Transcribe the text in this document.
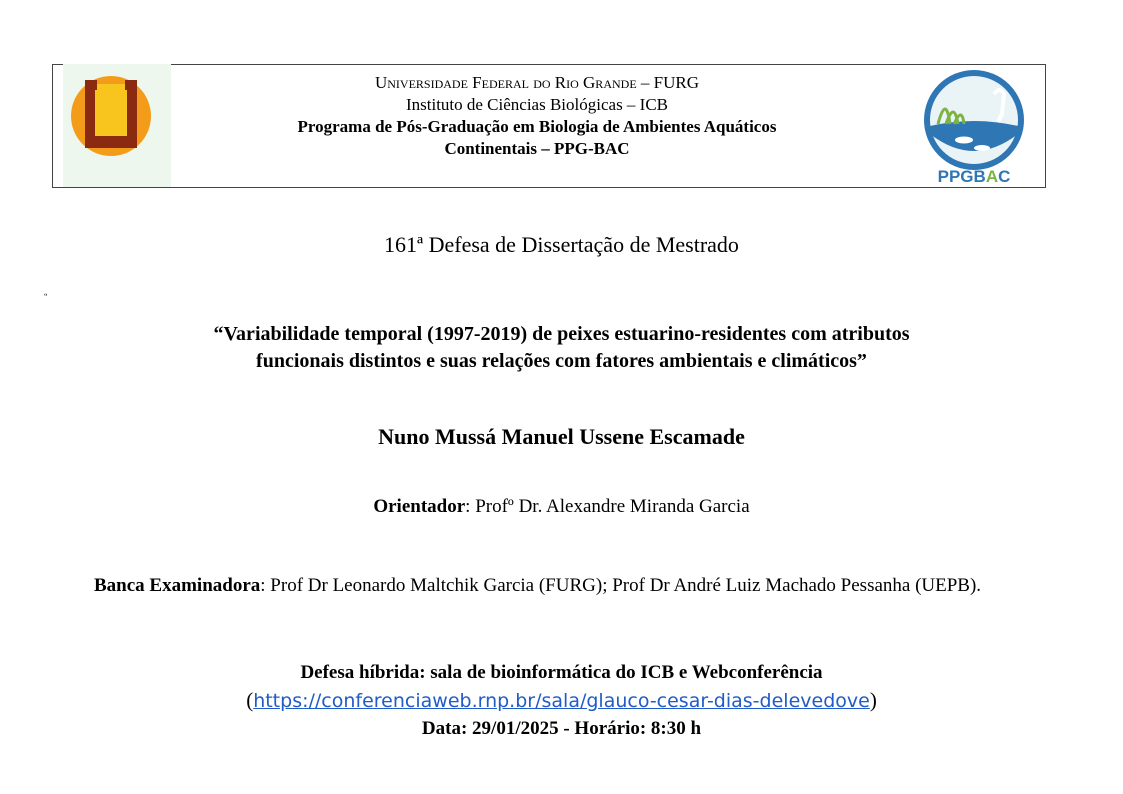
Universidade Federal do Rio Grande – FURG
Instituto de Ciências Biológicas – ICB
Programa de Pós-Graduação em Biologia de Ambientes Aquáticos
Continentais – PPG-BAC
PPGBAC
161ª Defesa de Dissertação de Mestrado
“
“Variabilidade temporal (1997-2019) de peixes estuarino-residentes com atributos
funcionais distintos e suas relações com fatores ambientais e climáticos”
Nuno Mussá Manuel Ussene Escamade
Orientador: Profº Dr. Alexandre Miranda Garcia
Banca Examinadora: Prof Dr Leonardo Maltchik Garcia (FURG); Prof Dr André Luiz Machado Pessanha (UEPB).
Defesa híbrida: sala de bioinformática do ICB e Webconferência
(https://conferenciaweb.rnp.br/sala/glauco-cesar-dias-delevedove)
Data: 29/01/2025 - Horário: 8:30 h
